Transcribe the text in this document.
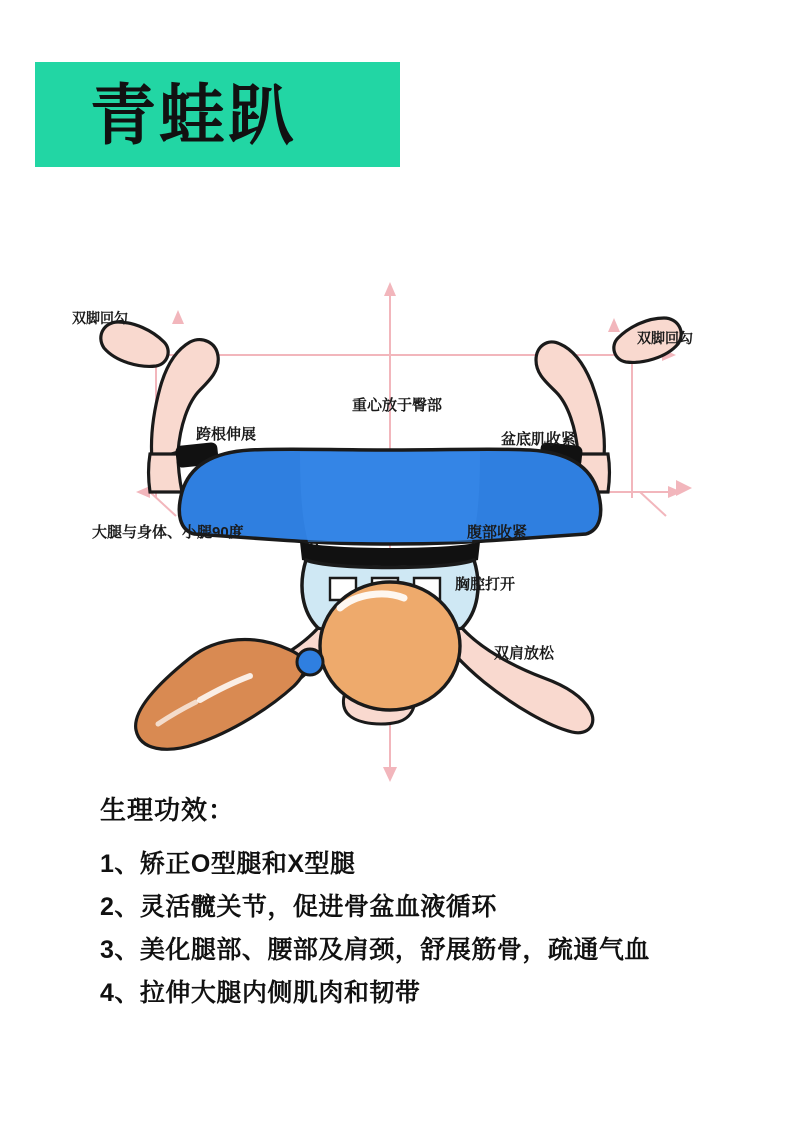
青蛙趴
双脚回勾
双脚回勾
重心放于臀部
跨根伸展	盆底肌收紧
大腿与身体、小腿90度	腹部收紧
胸腔打开
双肩放松
生理功效：
1、矫正O型腿和X型腿
2、灵活髋关节，促进骨盆血液循环
3、美化腿部、腰部及肩颈，舒展筋骨，疏通气血
4、拉伸大腿内侧肌肉和韧带
